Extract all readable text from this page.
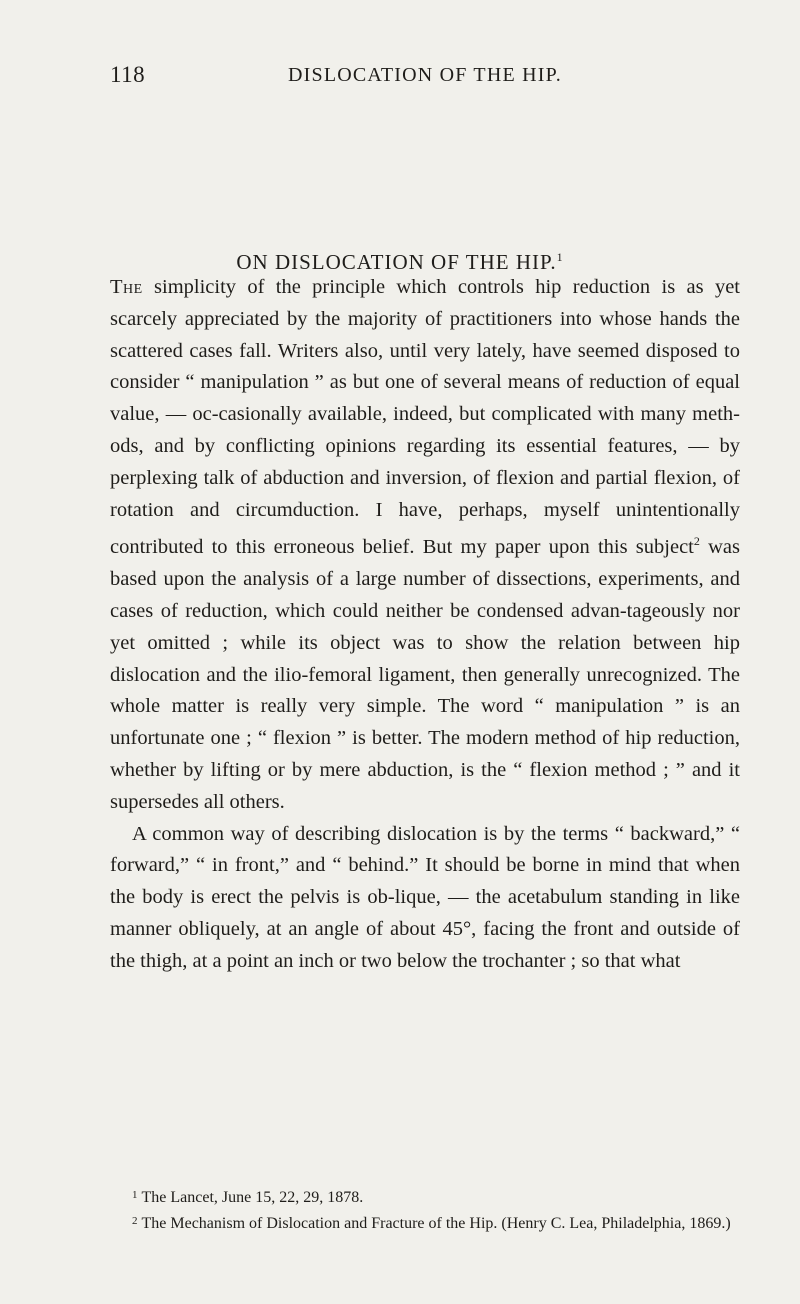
118	DISLOCATION OF THE HIP.
ON DISLOCATION OF THE HIP.$^1$

The simplicity of the principle which controls hip reduction is as yet scarcely appreciated by the majority of practitioners into whose hands the scattered cases fall. Writers also, until very lately, have seemed disposed to consider “ manipulation ” as but one of several means of reduction of equal value, — oc-casionally available, indeed, but complicated with many meth-ods, and by conflicting opinions regarding its essential features, — by perplexing talk of abduction and inversion, of flexion and partial flexion, of rotation and circumduction. I have, perhaps, myself unintentionally contributed to this erroneous belief. But my paper upon this subject$^2$ was based upon the analysis of a large number of dissections, experiments, and cases of reduction, which could neither be condensed advan-tageously nor yet omitted ; while its object was to show the relation between hip dislocation and the ilio-femoral ligament, then generally unrecognized. The whole matter is really very simple. The word “ manipulation ” is an unfortunate one ; “ flexion ” is better. The modern method of hip reduction, whether by lifting or by mere abduction, is the “ flexion method ; ” and it supersedes all others.

A common way of describing dislocation is by the terms “ backward,” “ forward,” “ in front,” and “ behind.” It should be borne in mind that when the body is erect the pelvis is ob-lique, — the acetabulum standing in like manner obliquely, at an angle of about 45°, facing the front and outside of the thigh, at a point an inch or two below the trochanter ; so that what

$^1$ The Lancet, June 15, 22, 29, 1878.

$^2$ The Mechanism of Dislocation and Fracture of the Hip. (Henry C. Lea, Philadelphia, 1869.)
